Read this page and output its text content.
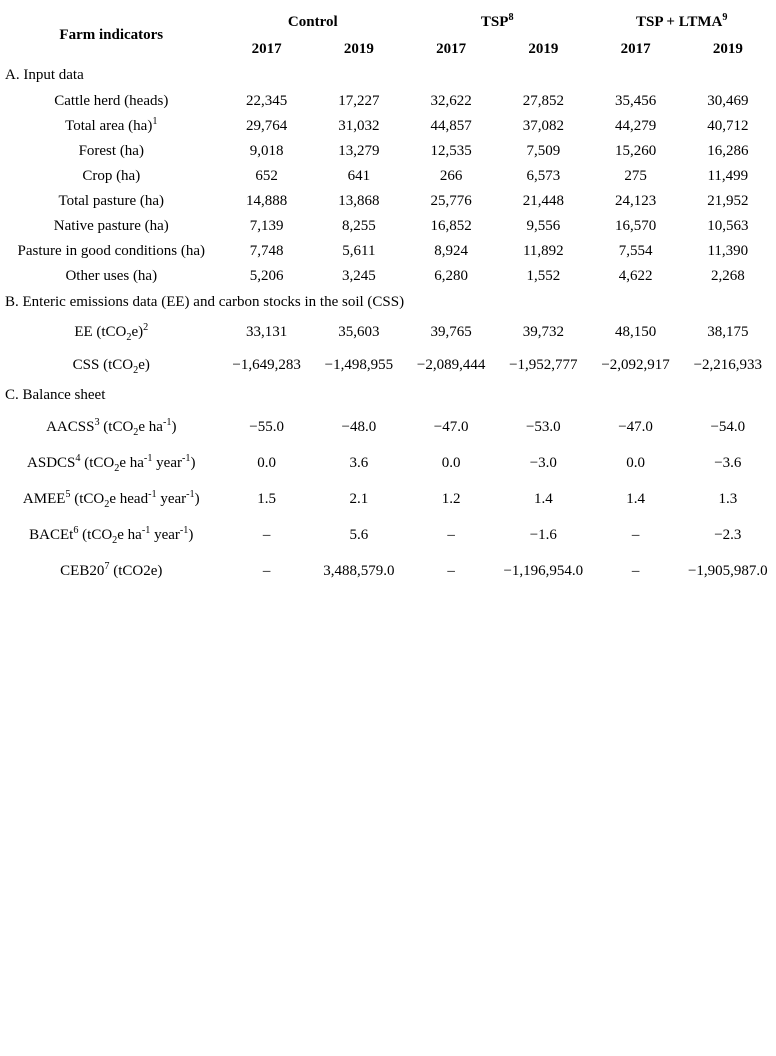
Farm indicators	Control		TSP$^8$		TSP + $LTMA^9$
	2017	2019	2017	2019	2017	2019
A. Input data						
Cattle herd (heads)	22,345	17,227	32,622	27,852	35,456	30,469
Total area (ha)$^1$	29,764	31,032	44,857	37,082	44,279	40,712
Forest (ha)	9,018	13,279	12,535	7,509	15,260	16,286
Crop (ha)	652	641	266	6,573	275	11,499
Total pasture (ha)	14,888	13,868	25,776	21,448	24,123	21,952
Native pasture (ha)	7,139	8,255	16,852	9,556	16,570	10,563
Pasture in good conditions (ha)	7,748	5,611	8,924	11,892	7,554	11,390
Other uses (ha)	5,206	3,245	6,280	1,552	4,622	2,268
B. Enteric emissions data (EE) and carbon stocks in the soil (CSS)						
EE $(tCO_2e)^2$	33,131	35,603	39,765	39,732	48,150	38,175
CSS (tCO$_2$e)	−1,649,283	−1,498,955	−2,089,444	−1,952,777	−2,092,917	−2,216,933
C. Balance sheet						
AACSS$^3$ (tCO$_2$e $ha^{-1}$)	−55.0	−48.0	−47.0	−53.0	−47.0	−54.0
ASDCS$^4$ (tCO$_2$e $ha^{-1}$ year$^{-1}$)	0.0	3.6	0.0	−3.0	0.0	−3.6
AMEE$^5$ (tCO$_2$e head$^{-1}$ year$^{-1}$)	1.5	2.1	1.2	1.4	1.4	1.3
BACEt$^6$ (tCO$_2$e $ha^{-1}$ year$^{-1}$)	–	5.6	–	−1.6	–	−2.3
$CEB20^7$ (tCO2e)	–	3,488,579.0	–	−1,196,954.0	–	−1,905,987.0
